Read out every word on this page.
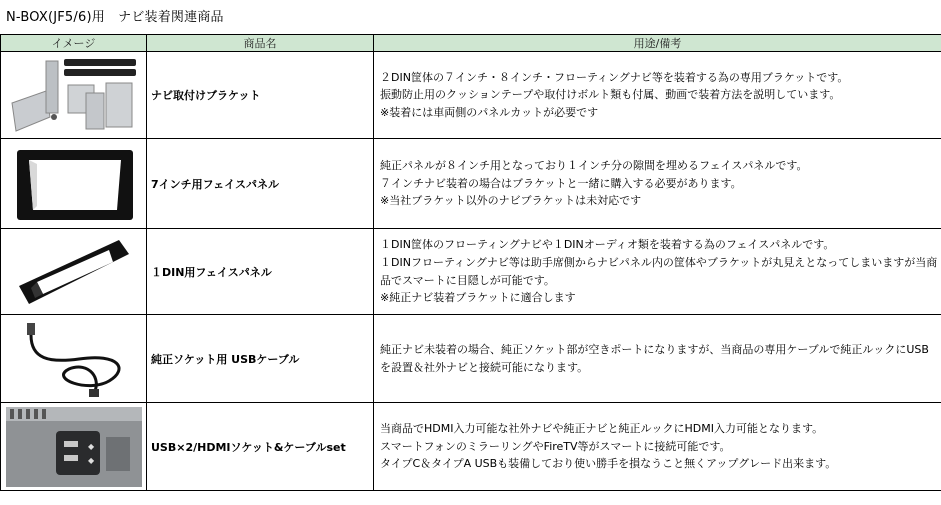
N-BOX(JF5/6)用　ナビ装着関連商品
イメージ	商品名	用途/備考

	ナビ取付けブラケット	２DIN筐体の７インチ・８インチ・フローティングナビ等を装着する為の専用ブラケットです。
振動防止用のクッションテープや取付けボルト類も付属、動画で装着方法を説明しています。
※装着には車両側のパネルカットが必要です

	7インチ用フェイスパネル	純正パネルが８インチ用となっており１インチ分の隙間を埋めるフェイスパネルです。
７インチナビ装着の場合はブラケットと一緒に購入する必要があります。
※当社ブラケット以外のナビブラケットは未対応です

	１DIN用フェイスパネル	１DIN筐体のフローティングナビや１DINオーディオ類を装着する為のフェイスパネルです。
１DINフローティングナビ等は助手席側からナビパネル内の筐体やブラケットが丸見えとなってしまいますが当商
品でスマートに目隠しが可能です。
※純正ナビ装着ブラケットに適合します

	純正ソケット用 USBケーブル	純正ナビ未装着の場合、純正ソケット部が空きポートになりますが、当商品の専用ケーブルで純正ルックにUSB
を設置＆社外ナビと接続可能になります。

◆
◆	USB×2/HDMIソケット&ケーブルset	当商品でHDMI入力可能な社外ナビや純正ナビと純正ルックにHDMI入力可能となります。
スマートフォンのミラーリングやFireTV等がスマートに接続可能です。
タイプC＆タイプA USBも装備しており使い勝手を損なうこと無くアップグレード出来ます。
